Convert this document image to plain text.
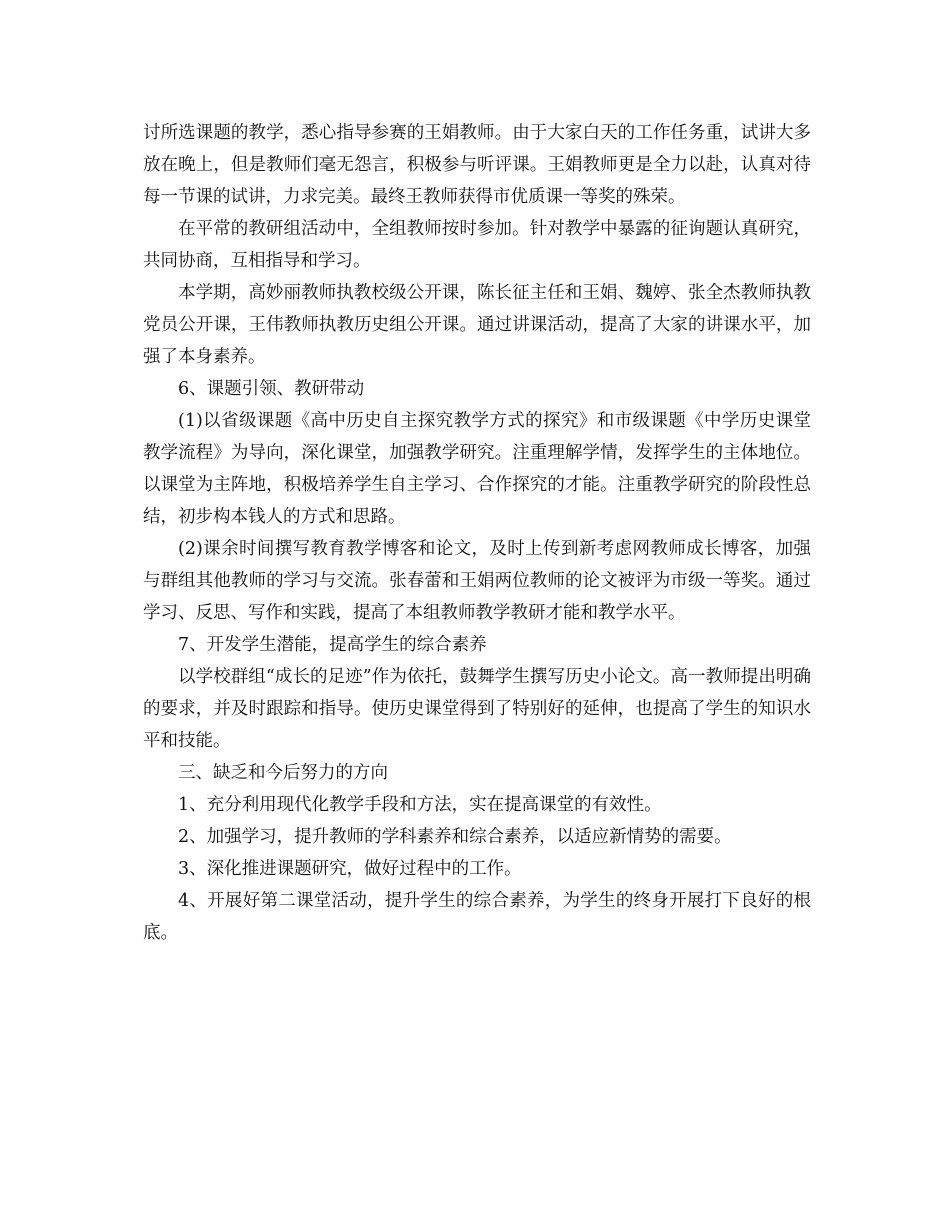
讨所选课题的教学，悉心指导参赛的王娟教师。由于大家白天的工作任务重，试讲大多放在晚上，但是教师们毫无怨言，积极参与听评课。王娟教师更是全力以赴，认真对待每一节课的试讲，力求完美。最终王教师获得市优质课一等奖的殊荣。

在平常的教研组活动中，全组教师按时参加。针对教学中暴露的征询题认真研究，共同协商，互相指导和学习。

本学期，高妙丽教师执教校级公开课，陈长征主任和王娟、魏婷、张全杰教师执教党员公开课，王伟教师执教历史组公开课。通过讲课活动，提高了大家的讲课水平，加强了本身素养。

6、课题引领、教研带动

(1)以省级课题《高中历史自主探究教学方式的探究》和市级课题《中学历史课堂教学流程》为导向，深化课堂，加强教学研究。注重理解学情，发挥学生的主体地位。以课堂为主阵地，积极培养学生自主学习、合作探究的才能。注重教学研究的阶段性总结，初步构本钱人的方式和思路。

(2)课余时间撰写教育教学博客和论文，及时上传到新考虑网教师成长博客，加强与群组其他教师的学习与交流。张春蕾和王娟两位教师的论文被评为市级一等奖。通过学习、反思、写作和实践，提高了本组教师教学教研才能和教学水平。

7、开发学生潜能，提高学生的综合素养

以学校群组“成长的足迹”作为依托，鼓舞学生撰写历史小论文。高一教师提出明确的要求，并及时跟踪和指导。使历史课堂得到了特别好的延伸，也提高了学生的知识水平和技能。

三、缺乏和今后努力的方向

1、充分利用现代化教学手段和方法，实在提高课堂的有效性。

2、加强学习，提升教师的学科素养和综合素养，以适应新情势的需要。

3、深化推进课题研究，做好过程中的工作。

4、开展好第二课堂活动，提升学生的综合素养，为学生的终身开展打下良好的根底。
